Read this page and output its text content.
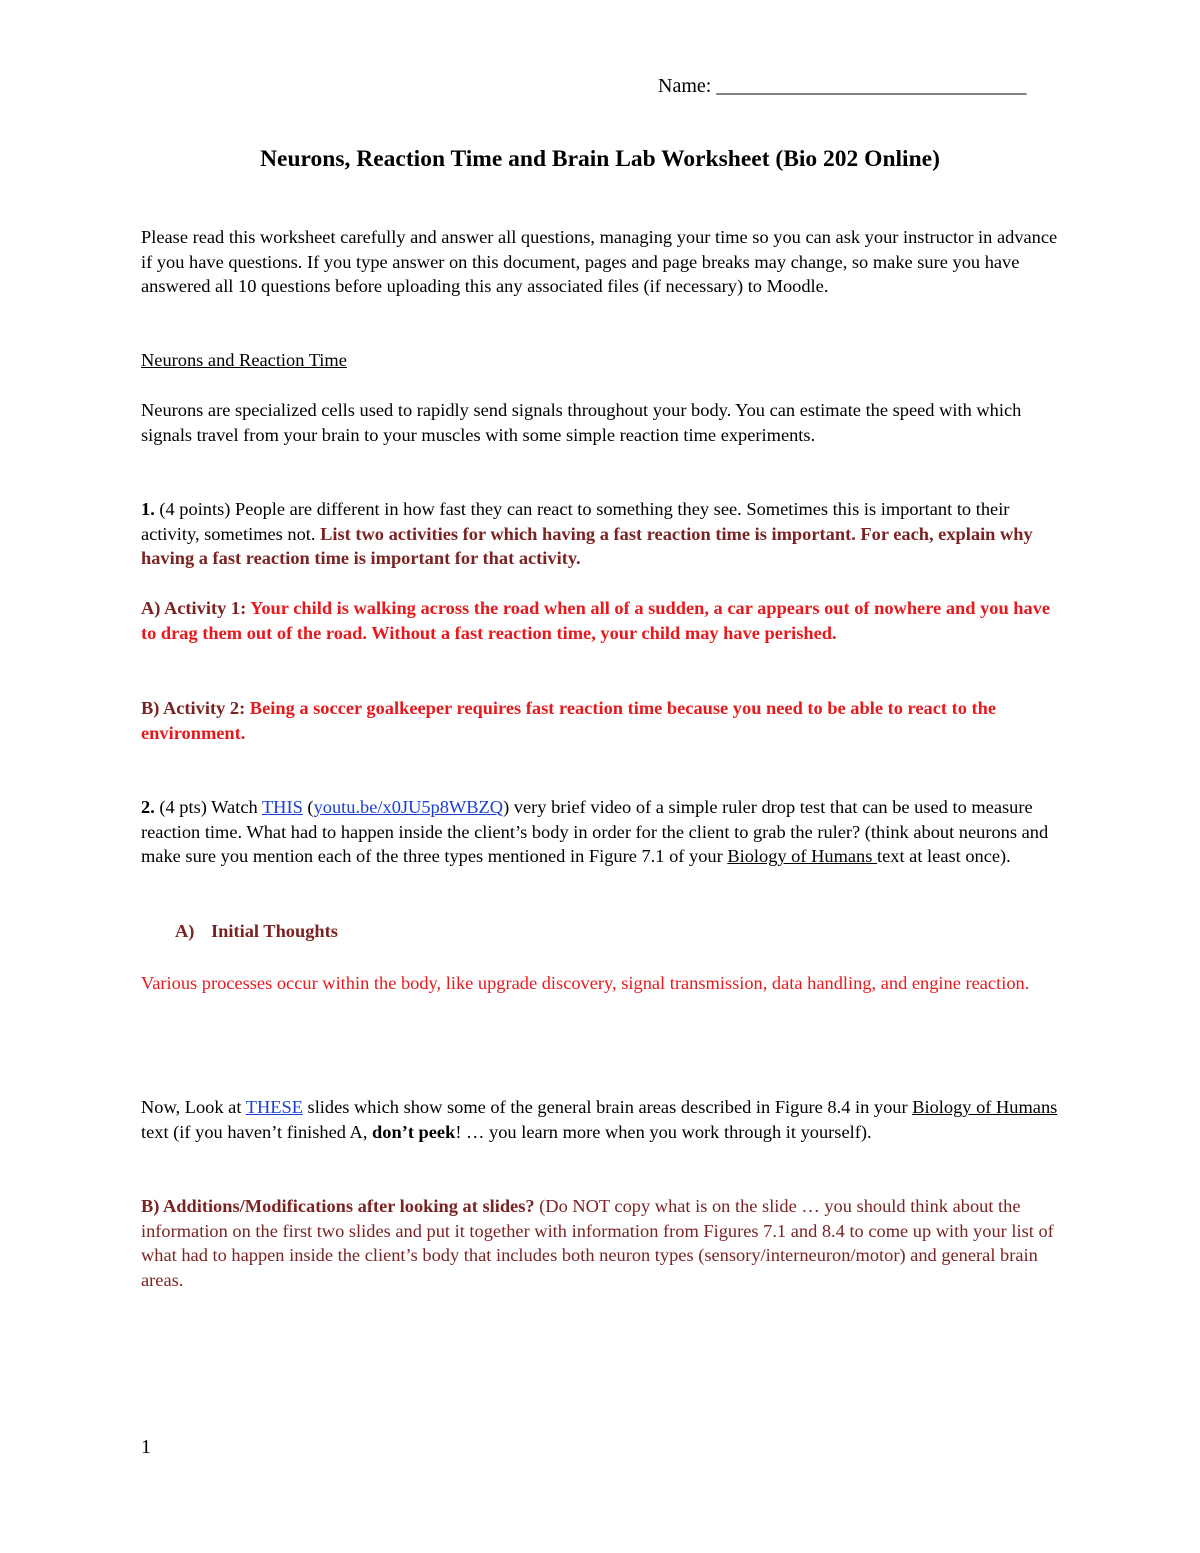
Name: _______________________________
Neurons, Reaction Time and Brain Lab Worksheet (Bio 202 Online)

Please read this worksheet carefully and answer all questions, managing your time so you can ask your instructor in advance if you have questions. If you type answer on this document, pages and page breaks may change, so make sure you have answered all 10 questions before uploading this any associated files (if necessary) to Moodle.

Neurons and Reaction Time

Neurons are specialized cells used to rapidly send signals throughout your body. You can estimate the speed with which signals travel from your brain to your muscles with some simple reaction time experiments.

1. (4 points) People are different in how fast they can react to something they see. Sometimes this is important to their activity, sometimes not. List two activities for which having a fast reaction time is important. For each, explain why having a fast reaction time is important for that activity.

A) Activity 1: Your child is walking across the road when all of a sudden, a car appears out of nowhere and you have to drag them out of the road. Without a fast reaction time, your child may have perished.

B) Activity 2: Being a soccer goalkeeper requires fast reaction time because you need to be able to react to the environment.

2. (4 pts) Watch THIS (youtu.be/x0JU5p8WBZQ) very brief video of a simple ruler drop test that can be used to measure reaction time. What had to happen inside the client’s body in order for the client to grab the ruler? (think about neurons and make sure you mention each of the three types mentioned in Figure 7.1 of your Biology of Humans text at least once).

A) Initial Thoughts

Various processes occur within the body, like upgrade discovery, signal transmission, data handling, and engine reaction.

Now, Look at THESE slides which show some of the general brain areas described in Figure 8.4 in your Biology of Humans text (if you haven’t finished A, don’t peek! … you learn more when you work through it yourself).

B) Additions/Modifications after looking at slides? (Do NOT copy what is on the slide … you should think about the information on the first two slides and put it together with information from Figures 7.1 and 8.4 to come up with your list of what had to happen inside the client’s body that includes both neuron types (sensory/interneuron/motor) and general brain areas.

1
